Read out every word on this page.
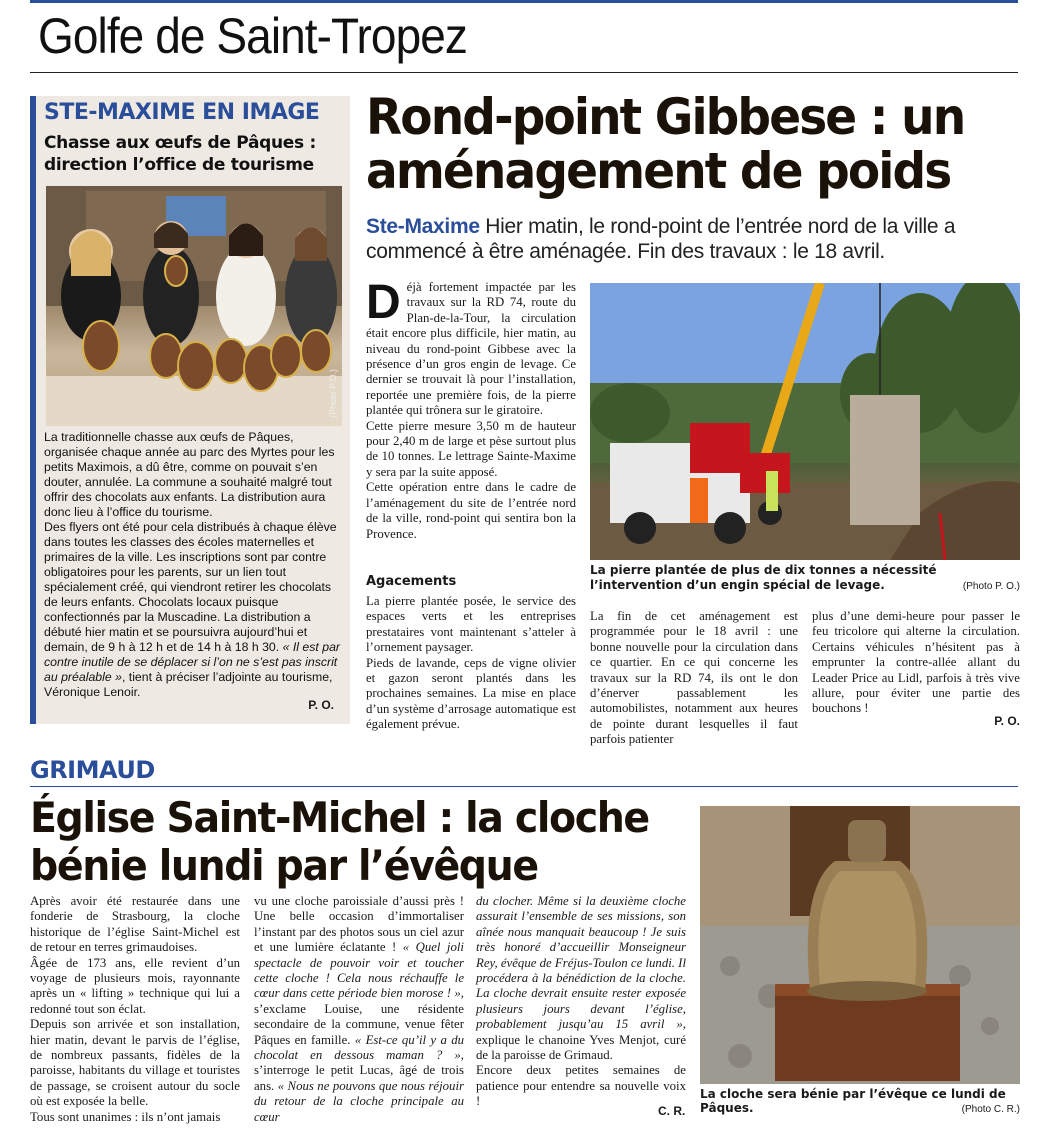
Golfe de Saint-Tropez
STE-MAXIME EN IMAGE
Chasse aux œufs de Pâques : direction l’office de tourisme
(Photo P.O.)

La traditionnelle chasse aux œufs de Pâques, organisée chaque année au parc des Myrtes pour les petits Maximois, a dû être, comme on pouvait s’en douter, annulée. La commune a souhaité malgré tout offrir des chocolats aux enfants. La distribution aura donc lieu à l’office du tourisme.

Des flyers ont été pour cela distribués à chaque élève dans toutes les classes des écoles maternelles et primaires de la ville. Les inscriptions sont par contre obligatoires pour les parents, sur un lien tout spécialement créé, qui viendront retirer les chocolats de leurs enfants. Chocolats locaux puisque confectionnés par la Muscadine. La distribution a débuté hier matin et se poursuivra aujourd’hui et demain, de 9 h à 12 h et de 14 h à 18 h 30. « Il est par contre inutile de se déplacer si l’on ne s’est pas inscrit au préalable », tient à préciser l’adjointe au tourisme, Véronique Lenoir.

P. O.
Rond-point Gibbese : un aménagement de poids
Ste-Maxime Hier matin, le rond-point de l’entrée nord de la ville a commencé à être aménagée. Fin des travaux : le 18 avril.

Déjà fortement impactée par les travaux sur la RD 74, route du Plan-de-la-Tour, la circulation était encore plus difficile, hier matin, au niveau du rond-point Gibbese avec la présence d’un gros engin de levage. Ce dernier se trouvait là pour l’installation, reportée une première fois, de la pierre plantée qui trônera sur le giratoire.

Cette pierre mesure 3,50 m de hauteur pour 2,40 m de large et pèse surtout plus de 10 tonnes. Le lettrage Sainte-Maxime y sera par la suite apposé.

Cette opération entre dans le cadre de l’aménagement du site de l’entrée nord de la ville, rond-point qui sentira bon la Provence.

Agacements

La pierre plantée posée, le service des espaces verts et les entreprises prestataires vont maintenant s’atteler à l’ornement paysager.

Pieds de lavande, ceps de vigne olivier et gazon seront plantés dans les prochaines semaines. La mise en place d’un système d’arrosage automatique est également prévue.

La pierre plantée de plus de dix tonnes a nécessité l’intervention d’un engin spécial de levage.	(Photo P. O.)
La fin de cet aménagement est programmée pour le 18 avril : une bonne nouvelle pour la circulation dans ce quartier. En ce qui concerne les travaux sur la RD 74, ils ont le don d’énerver passablement les automobilistes, notamment aux heures de pointe durant lesquelles il faut parfois patienter
plus d’une demi-heure pour passer le feu tricolore qui alterne la circulation. Certains véhicules n’hésitent pas à emprunter la contre-allée allant du Leader Price au Lidl, parfois à très vive allure, pour éviter une partie des bouchons !
P. O.
GRIMAUD
Église Saint-Michel : la cloche bénie lundi par l’évêque

Après avoir été restaurée dans une fonderie de Strasbourg, la cloche historique de l’église Saint-Michel est de retour en terres grimaudoises.

Âgée de 173 ans, elle revient d’un voyage de plusieurs mois, rayonnante après un « lifting » technique qui lui a redonné tout son éclat.

Depuis son arrivée et son installation, hier matin, devant le parvis de l’église, de nombreux passants, fidèles de la paroisse, habitants du village et touristes de passage, se croisent autour du socle où est exposée la belle.

Tous sont unanimes : ils n’ont jamais

vu une cloche paroissiale d’aussi près ! Une belle occasion d’immortaliser l’instant par des photos sous un ciel azur et une lumière éclatante ! « Quel joli spectacle de pouvoir voir et toucher cette cloche ! Cela nous réchauffe le cœur dans cette période bien morose ! », s’exclame Louise, une résidente secondaire de la commune, venue fêter Pâques en famille. « Est-ce qu’il y a du chocolat en dessous maman ? », s’interroge le petit Lucas, âgé de trois ans. « Nous ne pouvons que nous réjouir du retour de la cloche principale au cœur

du clocher. Même si la deuxième cloche assurait l’ensemble de ses missions, son aînée nous manquait beaucoup ! Je suis très honoré d’accueillir Monseigneur Rey, évêque de Fréjus-Toulon ce lundi. Il procédera à la bénédiction de la cloche. La cloche devrait ensuite rester exposée plusieurs jours devant l’église, probablement jusqu’au 15 avril », explique le chanoine Yves Menjot, curé de la paroisse de Grimaud.

Encore deux petites semaines de patience pour entendre sa nouvelle voix !

C. R.
La cloche sera bénie par l’évêque ce lundi de Pâques.	(Photo C. R.)
